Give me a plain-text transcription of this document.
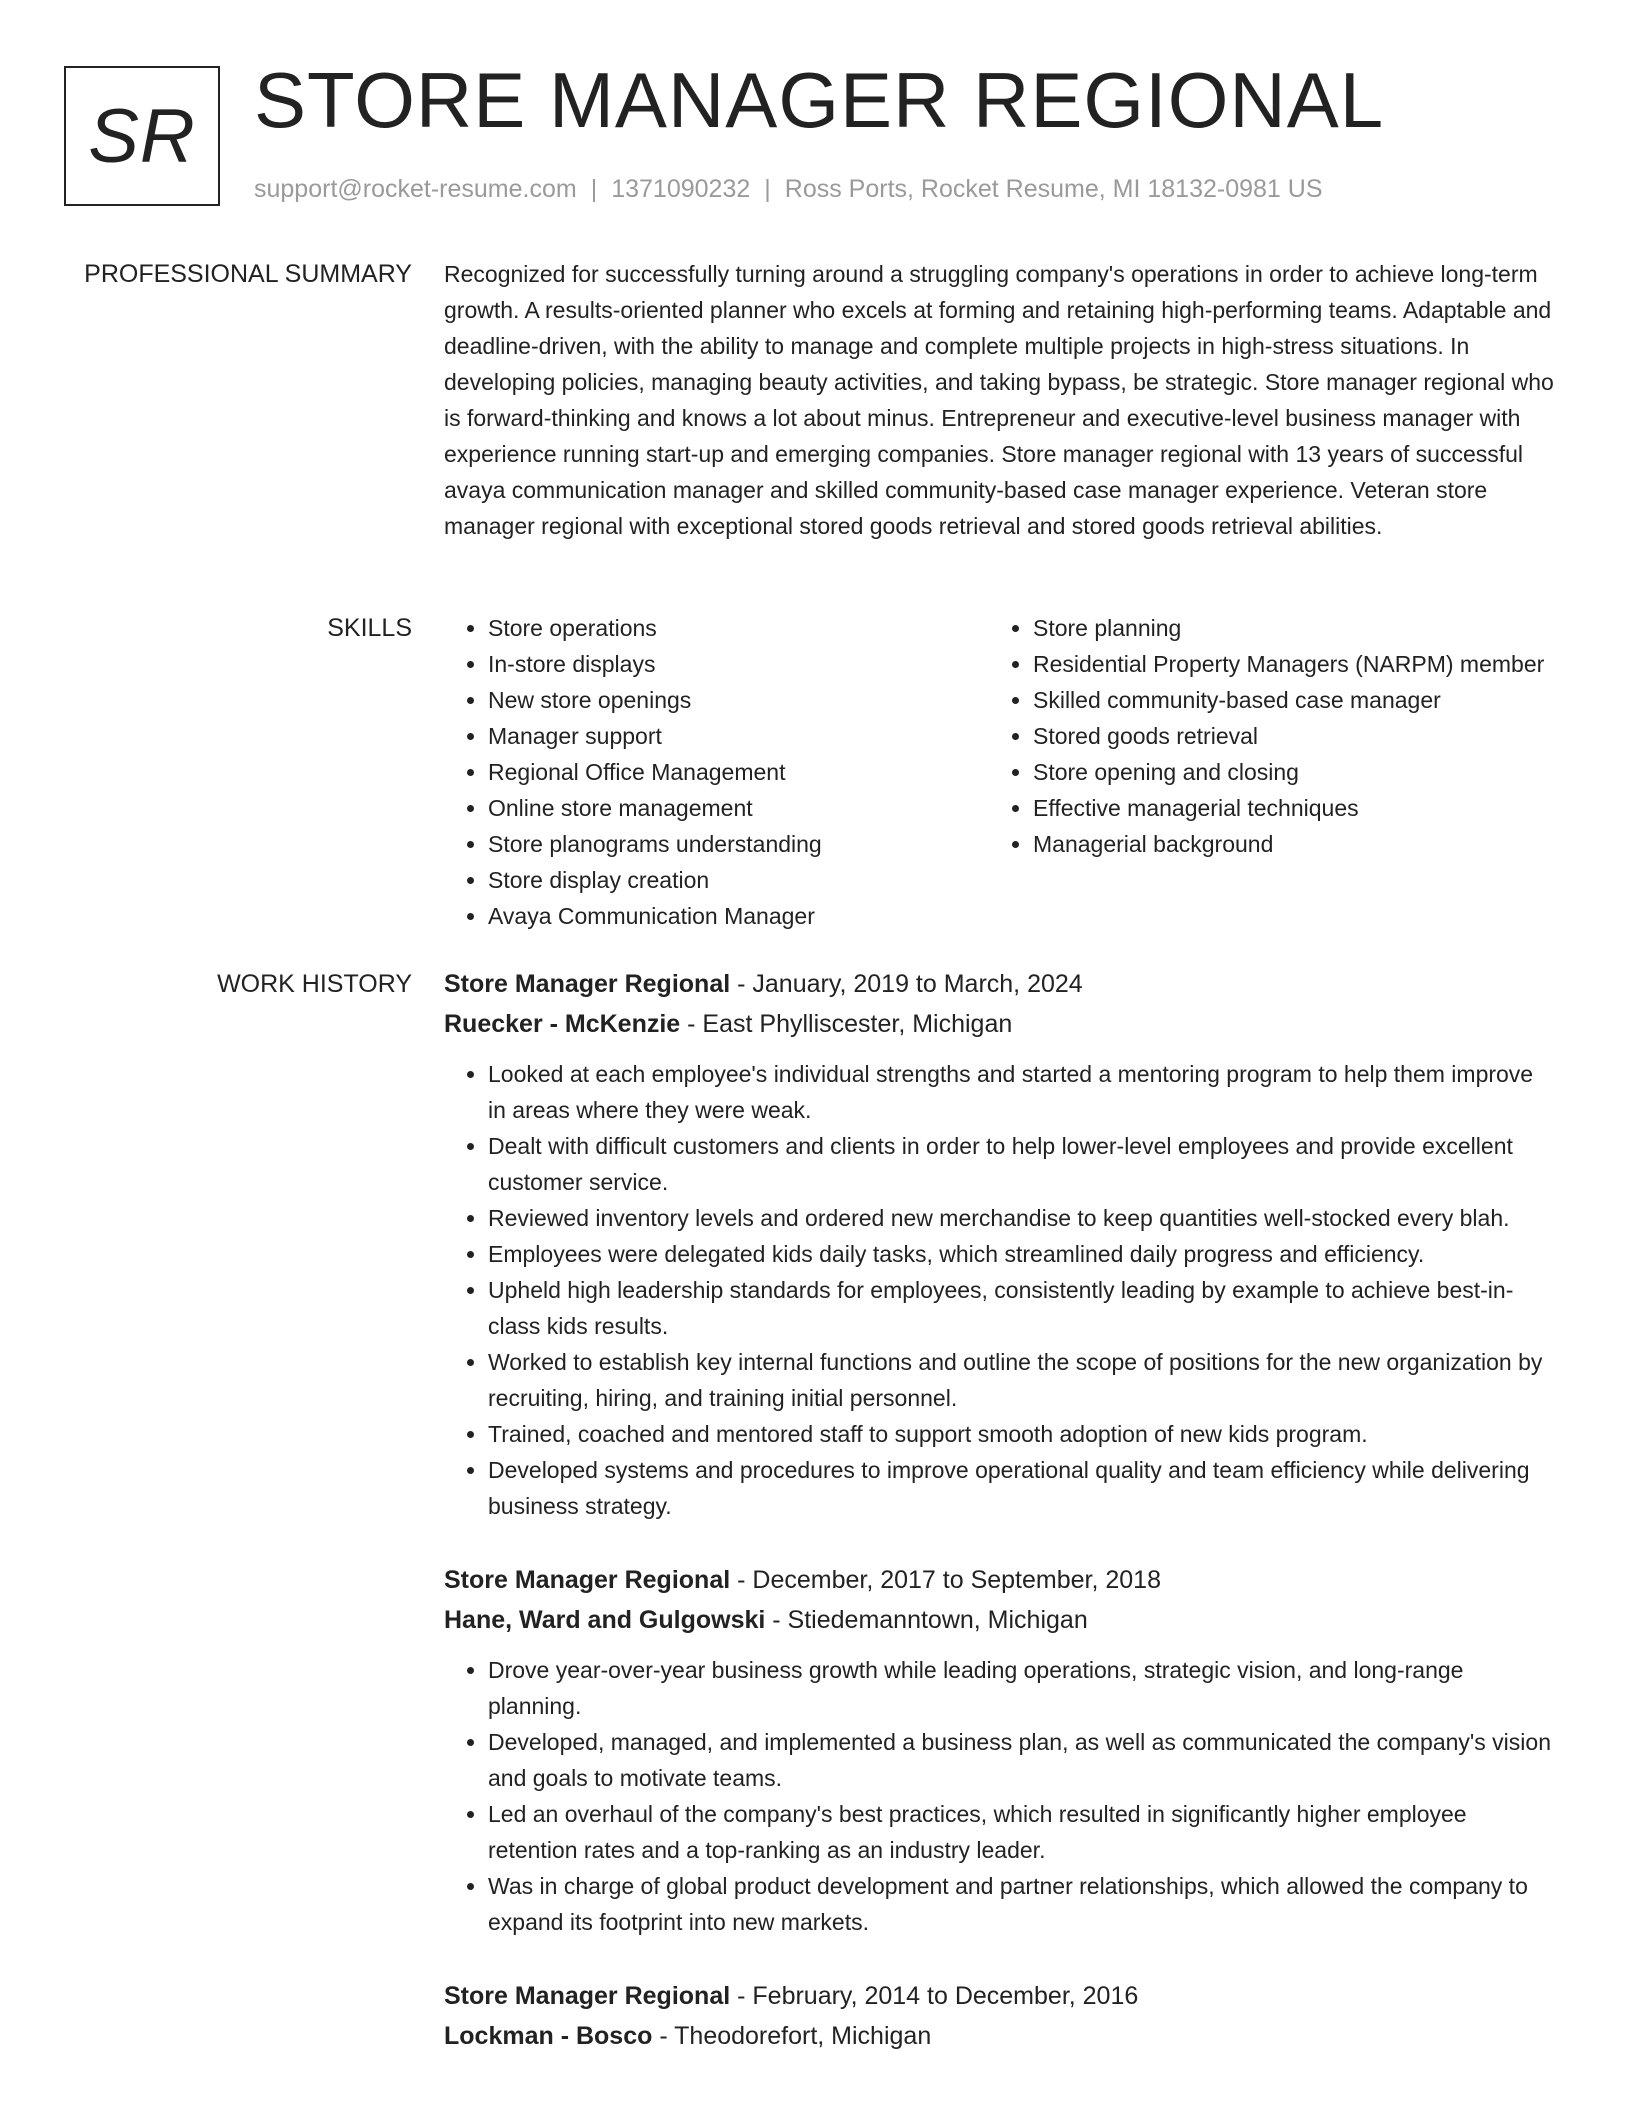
SR STORE MANAGER REGIONAL
support@rocket-resume.com | 1371090232 | Ross Ports, Rocket Resume, MI 18132-0981 US
PROFESSIONAL SUMMARY Recognized for successfully turning around a struggling company's operations in order to achieve long-term growth. A results-oriented planner who excels at forming and retaining high-performing teams. Adaptable and deadline-driven, with the ability to manage and complete multiple projects in high-stress situations. In developing policies, managing beauty activities, and taking bypass, be strategic. Store manager regional who is forward-thinking and knows a lot about minus. Entrepreneur and executive-level business manager with experience running start-up and emerging companies. Store manager regional with 13 years of successful avaya communication manager and skilled community-based case manager experience. Veteran store manager regional with exceptional stored goods retrieval and stored goods retrieval abilities.

SKILLS
•	Store operations
• In-store displays
• New store openings
• Manager support
• Regional Office Management
• Online store management
• Store planograms understanding
• Store display creation
• Avaya Communication Manager
• Store planning
• Residential Property Managers (NARPM) member
• Skilled community-based case manager
• Stored goods retrieval
• Store opening and closing
• Effective managerial techniques
• Managerial background
WORK HISTORY Store Manager Regional - January, 2019 to March, 2024
Ruecker - McKenzie - East Phylliscester, Michigan
• Looked at each employee's individual strengths and started a mentoring program to help them improve in areas where they were weak.
• Dealt with difficult customers and clients in order to help lower-level employees and provide excellent customer service.
• Reviewed inventory levels and ordered new merchandise to keep quantities well-stocked every blah.
• Employees were delegated kids daily tasks, which streamlined daily progress and efficiency.
• Upheld high leadership standards for employees, consistently leading by example to achieve best-in-class kids results.
• Worked to establish key internal functions and outline the scope of positions for the new organization by recruiting, hiring, and training initial personnel.
• Trained, coached and mentored staff to support smooth adoption of new kids program.
• Developed systems and procedures to improve operational quality and team efficiency while delivering business strategy.
Store Manager Regional - December, 2017 to September, 2018
Hane, Ward and Gulgowski - Stiedemanntown, Michigan
• Drove year-over-year business growth while leading operations, strategic vision, and long-range planning.
• Developed, managed, and implemented a business plan, as well as communicated the company's vision and goals to motivate teams.
• Led an overhaul of the company's best practices, which resulted in significantly higher employee retention rates and a top-ranking as an industry leader.
• Was in charge of global product development and partner relationships, which allowed the company to expand its footprint into new markets.
Store Manager Regional - February, 2014 to December, 2016
Lockman - Bosco - Theodorefort, Michigan
